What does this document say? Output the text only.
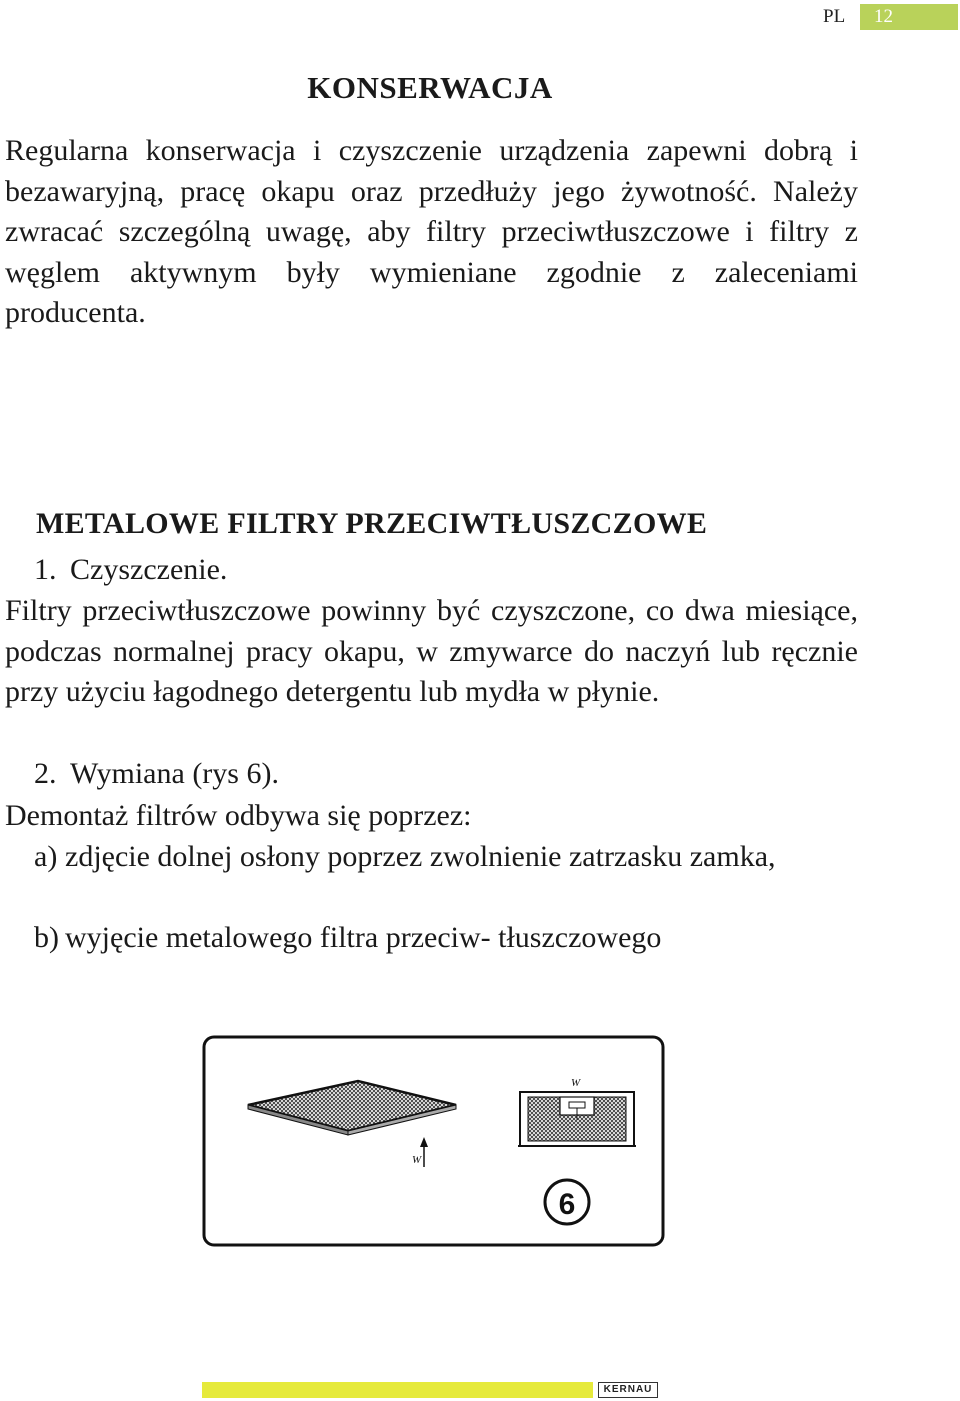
PL	12
KONSERWACJA

Regularna konserwacja i czyszczenie urządzenia zapewni dobrą i bezawaryjną, pracę okapu oraz przedłuży jego żywotność. Należy zwracać szczególną uwagę, aby filtry przeciwtłuszczowe i filtry z węglem aktywnym były wymieniane zgodnie z zaleceniami producenta.

METALOWE FILTRY PRZECIWTŁUSZCZOWE
1. Czyszczenie.

Filtry przeciwtłuszczowe powinny być czyszczone, co dwa miesiące, podczas normalnej pracy okapu, w zmywarce do naczyń lub ręcznie przy użyciu łagodnego detergentu lub mydła w płynie.

2. Wymiana (rys 6).

Demontaż filtrów odbywa się poprzez:

a) zdjęcie dolnej osłony poprzez zwolnienie zatrzasku zamka,
b) wyjęcie metalowego filtra przeciw- tłuszczowego
W
W
6
KERNAU
